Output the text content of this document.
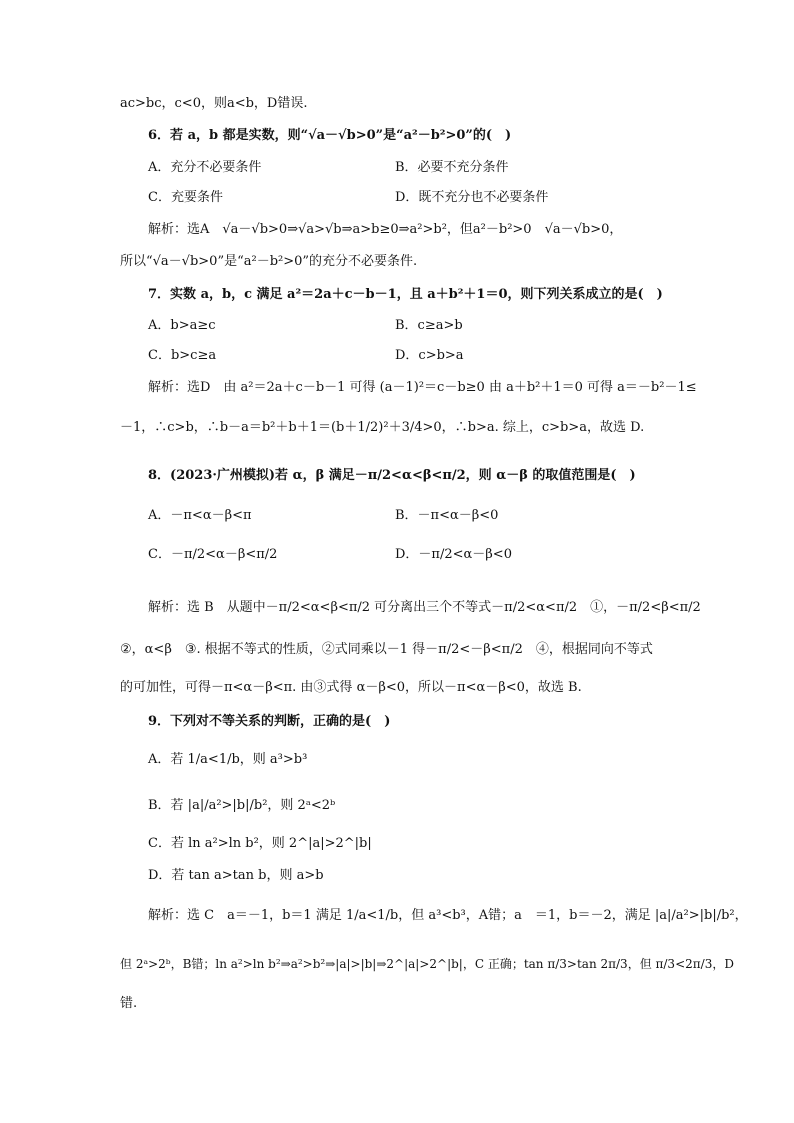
ac>bc，c<0，则a<b，D错误.
6．若 a，b 都是实数，则“√a－√b>0”是“a²－b²>0”的(　)
A．充分不必要条件	B．必要不充分条件
C．充要条件	D．既不充分也不必要条件
解析：选A　√a－√b>0⇒√a>√b⇒a>b≥0⇒a²>b²，但a²－b²>0　√a－√b>0，
所以“√a－√b>0”是“a²－b²>0”的充分不必要条件.
7．实数 a，b，c 满足 a²＝2a＋c－b－1，且 a＋b²＋1＝0，则下列关系成立的是(　)
A．b>a≥c	B．c≥a>b
C．b>c≥a	D．c>b>a
解析：选D　由 a²＝2a＋c－b－1 可得 (a－1)²＝c－b≥0 由 a＋b²＋1＝0 可得 a＝－b²－1≤
－1，∴c>b，∴b－a＝b²＋b＋1＝(b＋1/2)²＋3/4>0，∴b>a. 综上，c>b>a，故选 D.
8．(2023·广州模拟)若 α，β 满足－π/2<α<β<π/2，则 α－β 的取值范围是(　)
A．－π<α－β<π	B．－π<α－β<0
C．－π/2<α－β<π/2	D．－π/2<α－β<0
解析：选 B　从题中－π/2<α<β<π/2 可分离出三个不等式－π/2<α<π/2　①，－π/2<β<π/2
②，α<β　③. 根据不等式的性质，②式同乘以－1 得－π/2<－β<π/2　④，根据同向不等式
的可加性，可得－π<α－β<π. 由③式得 α－β<0，所以－π<α－β<0，故选 B.
9．下列对不等关系的判断，正确的是(　)
A．若 1/a<1/b，则 a³>b³
B．若 |a|/a²>|b|/b²，则 2ᵃ<2ᵇ
C．若 ln a²>ln b²，则 2^|a|>2^|b|
D．若 tan a>tan b，则 a>b
解析：选 C　a＝－1，b＝1 满足 1/a<1/b，但 a³<b³，A错；a　＝1，b＝－2，满足 |a|/a²>|b|/b²，
但 2ᵃ>2ᵇ，B错；ln a²>ln b²⇒a²>b²⇒|a|>|b|⇒2^|a|>2^|b|，C 正确；tan π/3>tan 2π/3，但 π/3<2π/3，D
错.
